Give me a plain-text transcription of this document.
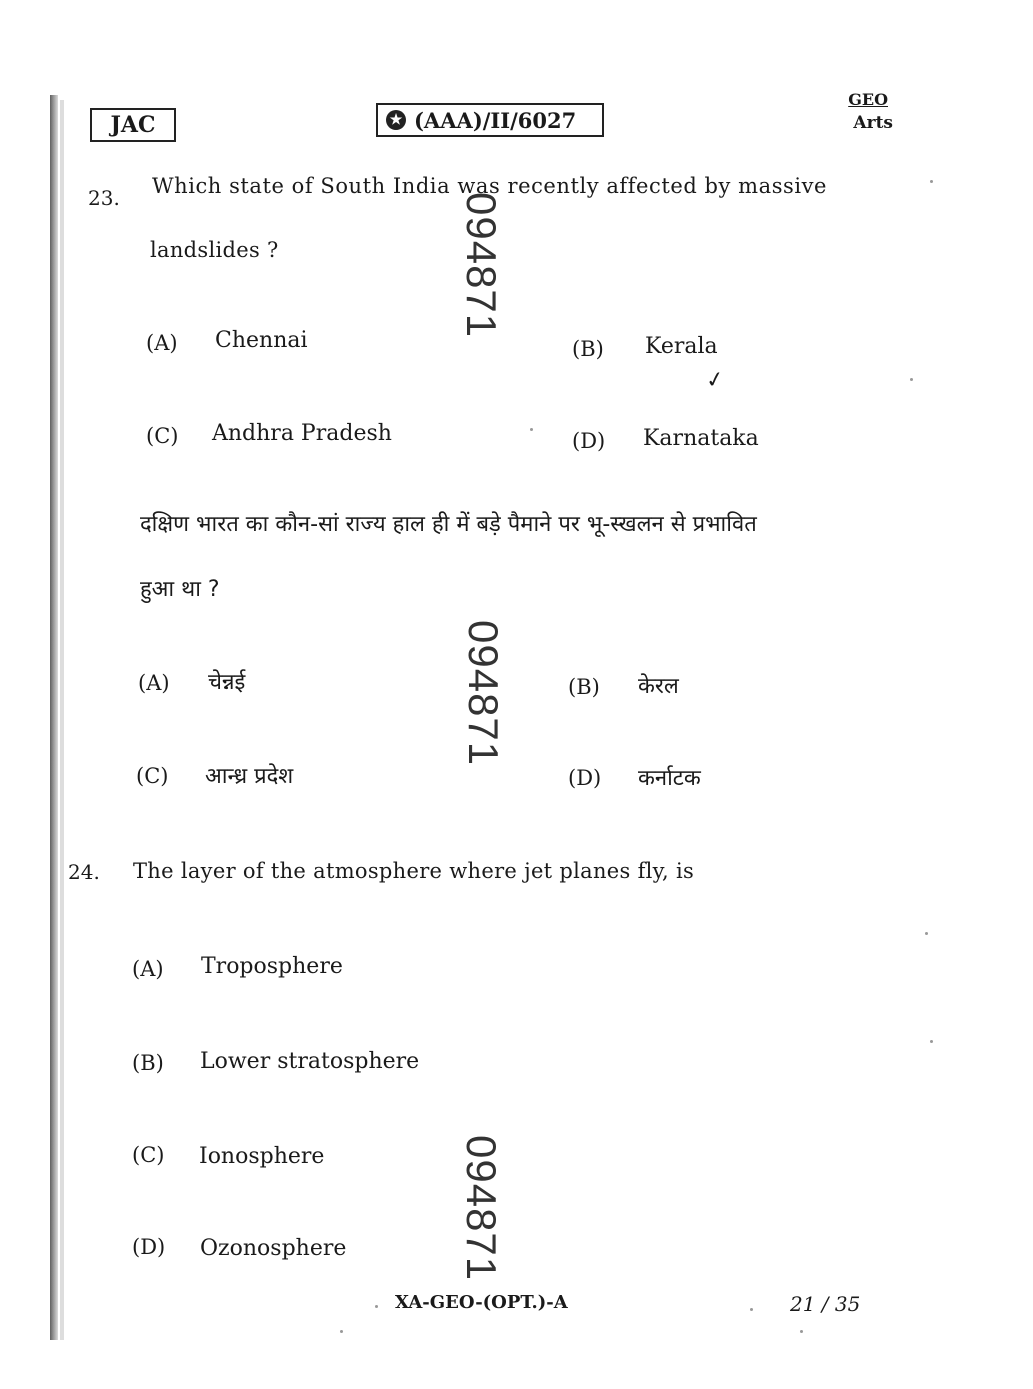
JAC	★ (AAA)/II/6027
GEO
Arts
094871
094871
094871
23. Which state of South India was recently affected by massive
landslides ?
(A) Chennai	(B) Kerala
✓
(C) Andhra Pradesh	(D) Karnataka
दक्षिण भारत का कौन-सां राज्य हाल ही में बड़े पैमाने पर भू-स्खलन से प्रभावित
हुआ था ?
(A) चेन्नई	(B) केरल
(C) आन्ध्र प्रदेश	(D) कर्नाटक
24. The layer of the atmosphere where jet planes fly, is
(A) Troposphere
(B) Lower stratosphere
(C) Ionosphere
(D) Ozonosphere
XA-GEO-(OPT.)-A	21 / 35
